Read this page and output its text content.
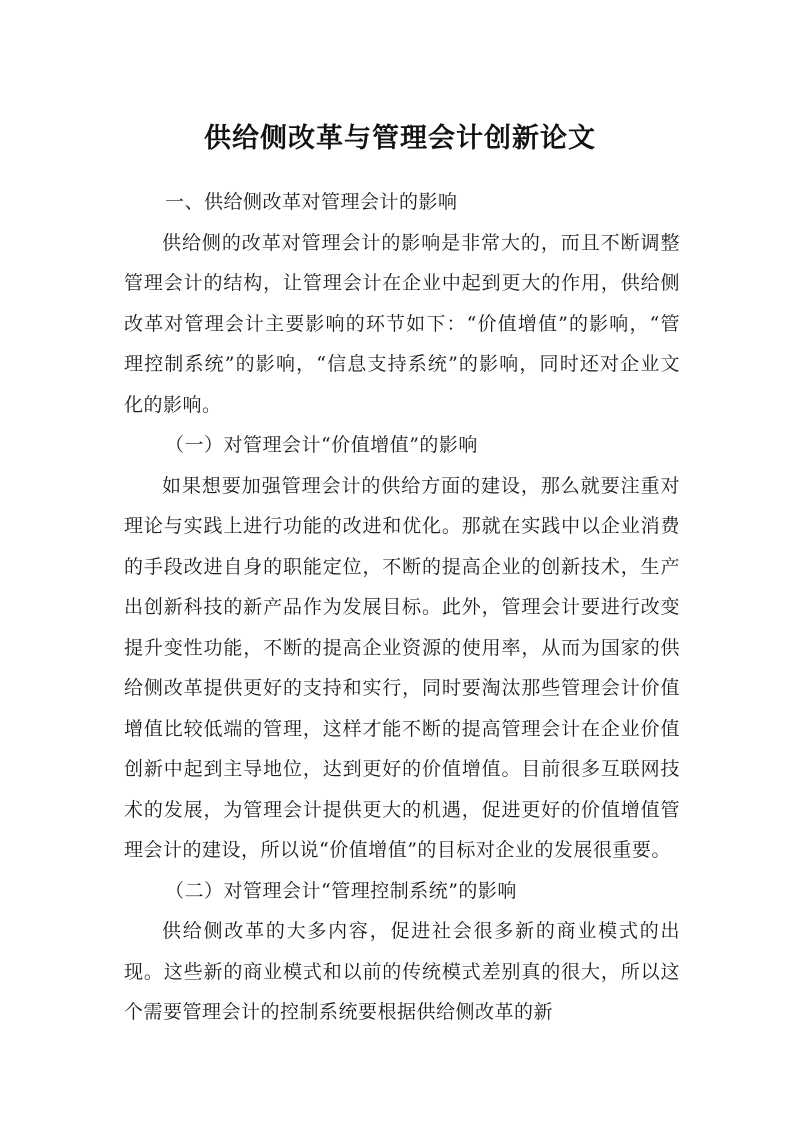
供给侧改革与管理会计创新论文

一、供给侧改革对管理会计的影响

供给侧的改革对管理会计的影响是非常大的，而且不断调整管理会计的结构，让管理会计在企业中起到更大的作用，供给侧改革对管理会计主要影响的环节如下：“价值增值”的影响，“管理控制系统”的影响，“信息支持系统”的影响，同时还对企业文化的影响。

（一）对管理会计“价值增值”的影响

如果想要加强管理会计的供给方面的建设，那么就要注重对理论与实践上进行功能的改进和优化。那就在实践中以企业消费的手段改进自身的职能定位，不断的提高企业的创新技术，生产出创新科技的新产品作为发展目标。此外，管理会计要进行改变提升变性功能，不断的提高企业资源的使用率，从而为国家的供给侧改革提供更好的支持和实行，同时要淘汰那些管理会计价值增值比较低端的管理，这样才能不断的提高管理会计在企业价值创新中起到主导地位，达到更好的价值增值。目前很多互联网技术的发展，为管理会计提供更大的机遇，促进更好的价值增值管理会计的建设，所以说“价值增值”的目标对企业的发展很重要。

（二）对管理会计“管理控制系统”的影响

供给侧改革的大多内容，促进社会很多新的商业模式的出现。这些新的商业模式和以前的传统模式差别真的很大，所以这个需要管理会计的控制系统要根据供给侧改革的新
